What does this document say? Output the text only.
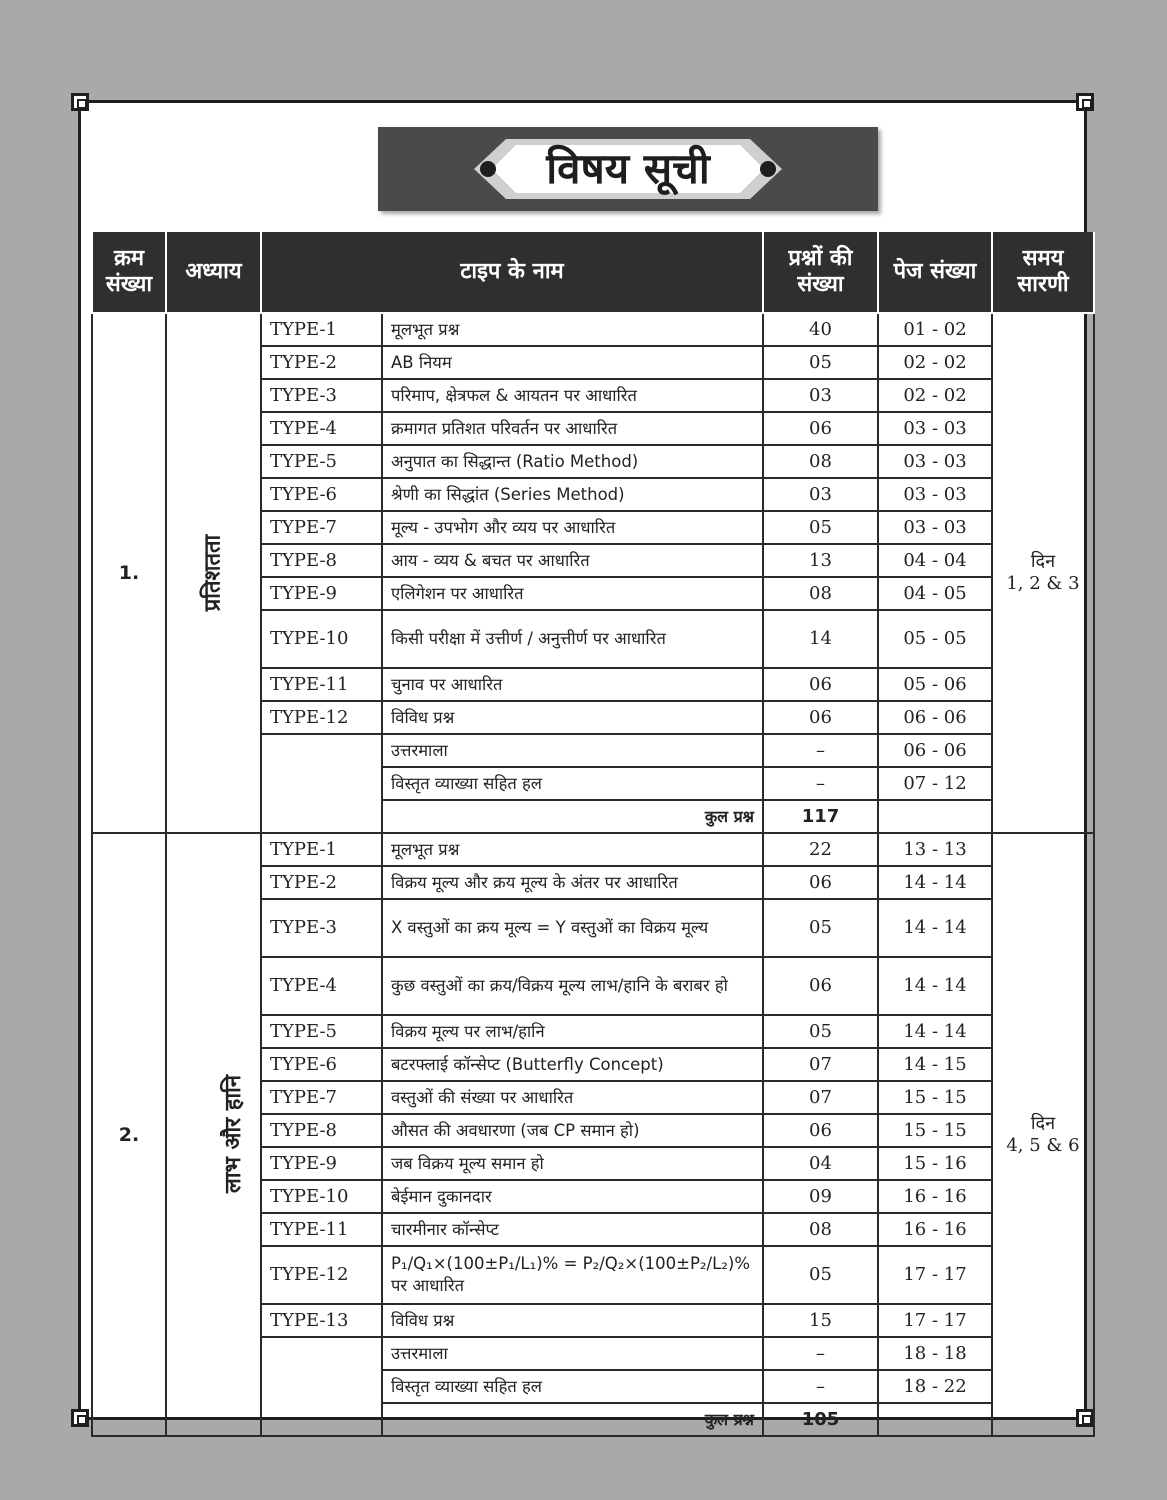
विषय सूची
क्रम संख्या	अध्याय	टाइप के नाम		प्रश्नों की संख्या	पेज संख्या	समय सारणी
1.	प्रतिशतता	TYPE-1	मूलभूत प्रश्न	40	01 - 02	दिन
1, 2 & 3
		TYPE-2	AB नियम	05	02 - 02	
		TYPE-3	परिमाप, क्षेत्रफल & आयतन पर आधारित	03	02 - 02	
		TYPE-4	क्रमागत प्रतिशत परिवर्तन पर आधारित	06	03 - 03	
		TYPE-5	अनुपात का सिद्धान्त (Ratio Method)	08	03 - 03	
		TYPE-6	श्रेणी का सिद्धांत (Series Method)	03	03 - 03	
		TYPE-7	मूल्य - उपभोग और व्यय पर आधारित	05	03 - 03	
		TYPE-8	आय - व्यय & बचत पर आधारित	13	04 - 04	
		TYPE-9	एलिगेशन पर आधारित	08	04 - 05	
		TYPE-10	किसी परीक्षा में उत्तीर्ण / अनुत्तीर्ण पर आधारित	14	05 - 05	
		TYPE-11	चुनाव पर आधारित	06	05 - 06	
		TYPE-12	विविध प्रश्न	06	06 - 06	
			उत्तरमाला	–	06 - 06	
			विस्तृत व्याख्या सहित हल	–	07 - 12	
			कुल प्रश्न	117		
2.	लाभ और हानि	TYPE-1	मूलभूत प्रश्न	22	13 - 13	दिन
4, 5 & 6
		TYPE-2	विक्रय मूल्य और क्रय मूल्य के अंतर पर आधारित	06	14 - 14	
		TYPE-3	X वस्तुओं का क्रय मूल्य = Y वस्तुओं का विक्रय मूल्य	05	14 - 14	
		TYPE-4	कुछ वस्तुओं का क्रय/विक्रय मूल्य लाभ/हानि के बराबर हो	06	14 - 14	
		TYPE-5	विक्रय मूल्य पर लाभ/हानि	05	14 - 14	
		TYPE-6	बटरफ्लाई कॉन्सेप्ट (Butterfly Concept)	07	14 - 15	
		TYPE-7	वस्तुओं की संख्या पर आधारित	07	15 - 15	
		TYPE-8	औसत की अवधारणा (जब CP समान हो)	06	15 - 15	
		TYPE-9	जब विक्रय मूल्य समान हो	04	15 - 16	
		TYPE-10	बेईमान दुकानदार	09	16 - 16	
		TYPE-11	चारमीनार कॉन्सेप्ट	08	16 - 16	
		TYPE-12	P₁/Q₁×(100±P₁/L₁)% = P₂/Q₂×(100±P₂/L₂)% पर आधारित	05	17 - 17	
		TYPE-13	विविध प्रश्न	15	17 - 17	
			उत्तरमाला	–	18 - 18	
			विस्तृत व्याख्या सहित हल	–	18 - 22	
			कुल प्रश्न	105		
